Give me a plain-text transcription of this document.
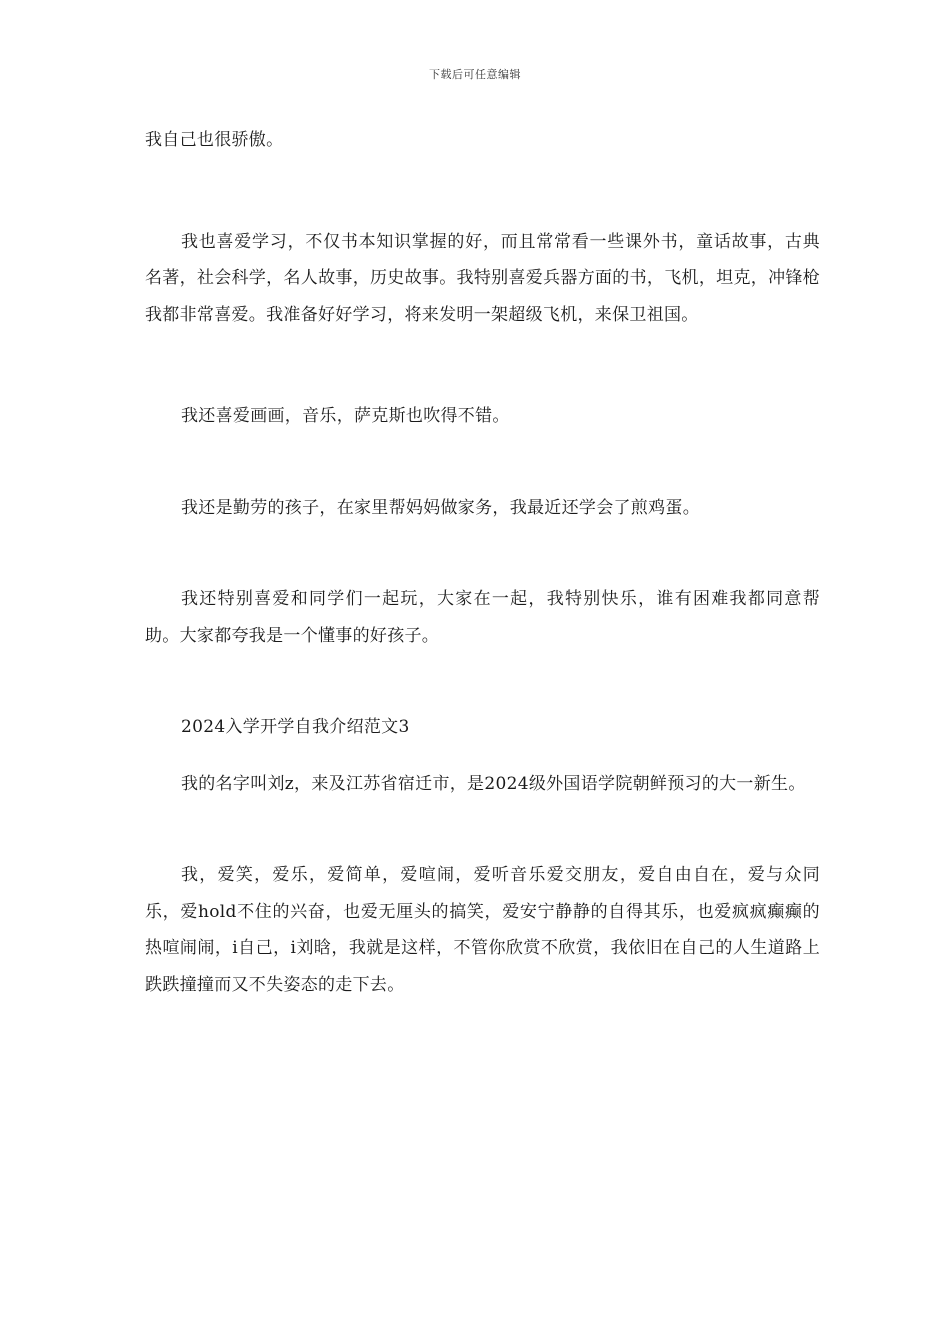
下载后可任意编辑

我自己也很骄傲。

我也喜爱学习，不仅书本知识掌握的好，而且常常看一些课外书，童话故事，古典名著，社会科学，名人故事，历史故事。我特别喜爱兵器方面的书，飞机，坦克，冲锋枪我都非常喜爱。我准备好好学习，将来发明一架超级飞机，来保卫祖国。

我还喜爱画画，音乐，萨克斯也吹得不错。

我还是勤劳的孩子，在家里帮妈妈做家务，我最近还学会了煎鸡蛋。

我还特别喜爱和同学们一起玩，大家在一起，我特别快乐，谁有困难我都同意帮助。大家都夸我是一个懂事的好孩子。

2024入学开学自我介绍范文3

我的名字叫刘z，来及江苏省宿迁市，是2024级外国语学院朝鲜预习的大一新生。

我，爱笑，爱乐，爱简单，爱喧闹，爱听音乐爱交朋友，爱自由自在，爱与众同乐，爱hold不住的兴奋，也爱无厘头的搞笑，爱安宁静静的自得其乐，也爱疯疯癫癫的热喧闹闹，i自己，i刘晗，我就是这样，不管你欣赏不欣赏，我依旧在自己的人生道路上跌跌撞撞而又不失姿态的走下去。
